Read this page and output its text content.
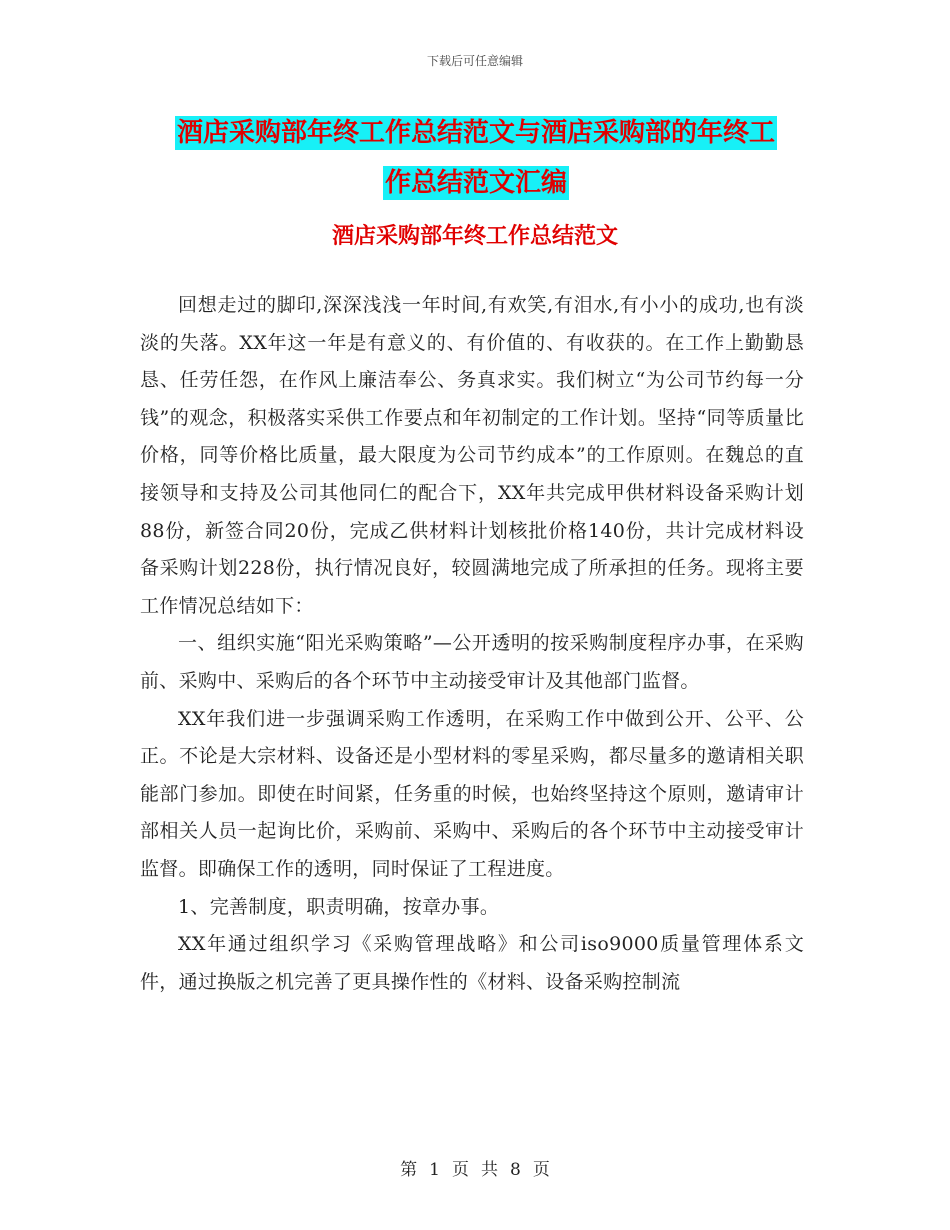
下载后可任意编辑
酒店采购部年终工作总结范文与酒店采购部的年终工
作总结范文汇编
酒店采购部年终工作总结范文

回想走过的脚印,深深浅浅一年时间,有欢笑,有泪水,有小小的成功,也有淡淡的失落。XX年这一年是有意义的、有价值的、有收获的。在工作上勤勤恳恳、任劳任怨，在作风上廉洁奉公、务真求实。我们树立“为公司节约每一分钱”的观念，积极落实采供工作要点和年初制定的工作计划。坚持“同等质量比价格，同等价格比质量，最大限度为公司节约成本”的工作原则。在魏总的直接领导和支持及公司其他同仁的配合下，XX年共完成甲供材料设备采购计划88份，新签合同20份，完成乙供材料计划核批价格140份，共计完成材料设备采购计划228份，执行情况良好，较圆满地完成了所承担的任务。现将主要工作情况总结如下：

一、组织实施“阳光采购策略”—公开透明的按采购制度程序办事，在采购前、采购中、采购后的各个环节中主动接受审计及其他部门监督。

XX年我们进一步强调采购工作透明，在采购工作中做到公开、公平、公正。不论是大宗材料、设备还是小型材料的零星采购，都尽量多的邀请相关职能部门参加。即使在时间紧，任务重的时候，也始终坚持这个原则，邀请审计部相关人员一起询比价，采购前、采购中、采购后的各个环节中主动接受审计监督。即确保工作的透明，同时保证了工程进度。

1、完善制度，职责明确，按章办事。

XX年通过组织学习《采购管理战略》和公司iso9000质量管理体系文件，通过换版之机完善了更具操作性的《材料、设备采购控制流

第 1 页 共 8 页
